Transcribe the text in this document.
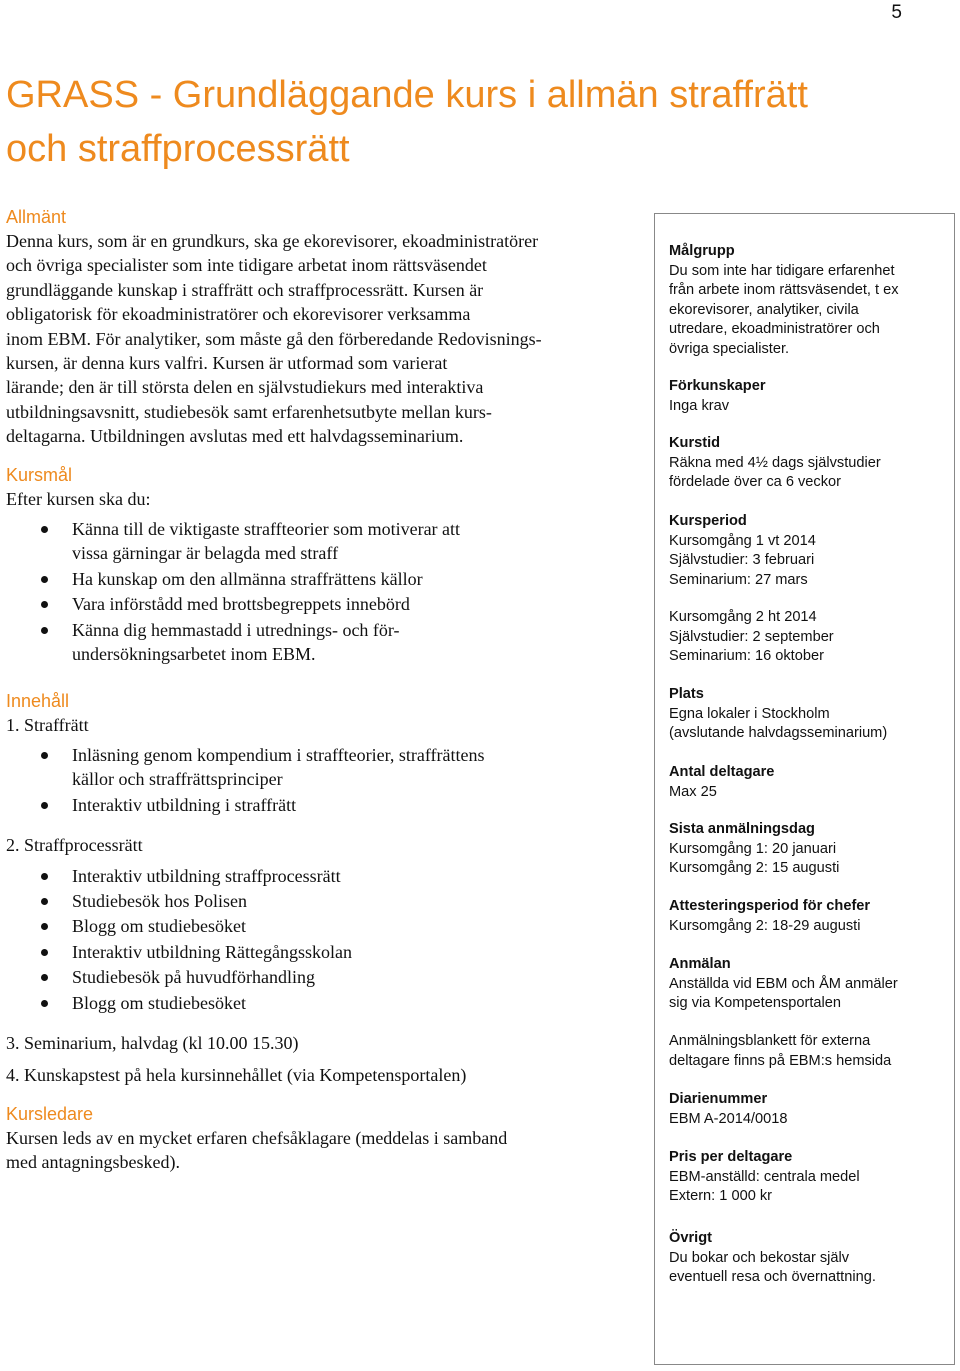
5
GRASS - Grundläggande kurs i allmän straffrätt
och straffprocessrätt
Allmänt

Denna kurs, som är en grundkurs, ska ge ekorevisorer, ekoadministratörer
och övriga specialister som inte tidigare arbetat inom rättsväsendet
grundläggande kunskap i straffrätt och straffprocessrätt. Kursen är
obligatorisk för ekoadministratörer och ekorevisorer verksamma
inom EBM. För analytiker, som måste gå den förberedande Redovisnings-
kursen, är denna kurs valfri. Kursen är utformad som varierat
lärande; den är till största delen en självstudiekurs med interaktiva
utbildningsavsnitt, studiebesök samt erfarenhetsutbyte mellan kurs-
deltagarna. Utbildningen avslutas med ett halvdagsseminarium.

Kursmål
Efter kursen ska du:
Känna till de viktigaste straffteorier som motiverar att
vissa gärningar är belagda med straff
Ha kunskap om den allmänna straffrättens källor
Vara införstådd med brottsbegreppets innebörd
Känna dig hemmastadd i utrednings- och för-
undersökningsarbetet inom EBM.
Innehåll
1. Straffrätt
Inläsning genom kompendium i straffteorier, straffrättens
källor och straffrättsprinciper
Interaktiv utbildning i straffrätt
2. Straffprocessrätt
Interaktiv utbildning straffprocessrätt
Studiebesök hos Polisen
Blogg om studiebesöket
Interaktiv utbildning Rättegångsskolan
Studiebesök på huvudförhandling
Blogg om studiebesöket
3. Seminarium, halvdag (kl 10.00 15.30)
4. Kunskapstest på hela kursinnehållet (via Kompetensportalen)
Kursledare

Kursen leds av en mycket erfaren chefsåklagare (meddelas i samband
med antagningsbesked).

Målgrupp
Du som inte har tidigare erfarenhet
från arbete inom rättsväsendet, t ex
ekorevisorer, analytiker, civila
utredare, ekoadministratörer och
övriga specialister.
Förkunskaper
Inga krav
Kurstid
Räkna med 4½ dags självstudier
fördelade över ca 6 veckor
Kursperiod
Kursomgång 1 vt 2014
Självstudier: 3 februari
Seminarium: 27 mars
Kursomgång 2 ht 2014
Självstudier: 2 september
Seminarium: 16 oktober
Plats
Egna lokaler i Stockholm
(avslutande halvdagsseminarium)
Antal deltagare
Max 25
Sista anmälningsdag
Kursomgång 1: 20 januari
Kursomgång 2: 15 augusti
Attesteringsperiod för chefer
Kursomgång 2: 18-29 augusti
Anmälan
Anställda vid EBM och ÅM anmäler
sig via Kompetensportalen
Anmälningsblankett för externa
deltagare finns på EBM:s hemsida
Diarienummer
EBM A-2014/0018
Pris per deltagare
EBM-anställd: centrala medel
Extern: 1 000 kr
Övrigt
Du bokar och bekostar själv
eventuell resa och övernattning.
